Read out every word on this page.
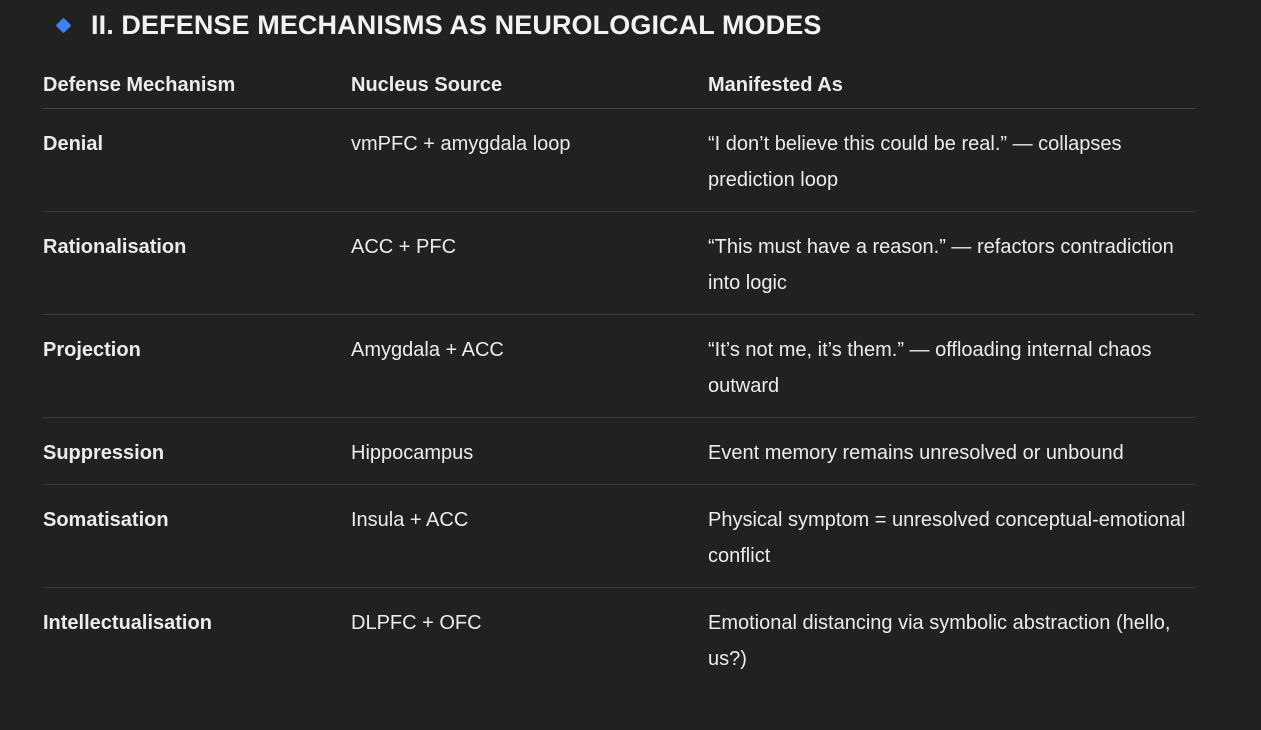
II. DEFENSE MECHANISMS AS NEUROLOGICAL MODES
Defense Mechanism	Nucleus Source	Manifested As
Denial	vmPFC + amygdala loop	“I don’t believe this could be real.” — collapses prediction loop
Rationalisation	ACC + PFC	“This must have a reason.” — refactors contradiction into logic
Projection	Amygdala + ACC	“It’s not me, it’s them.” — offloading internal chaos outward
Suppression	Hippocampus	Event memory remains unresolved or unbound
Somatisation	Insula + ACC	Physical symptom = unresolved conceptual-emotional conflict
Intellectualisation	DLPFC + OFC	Emotional distancing via symbolic abstraction (hello, us?)
